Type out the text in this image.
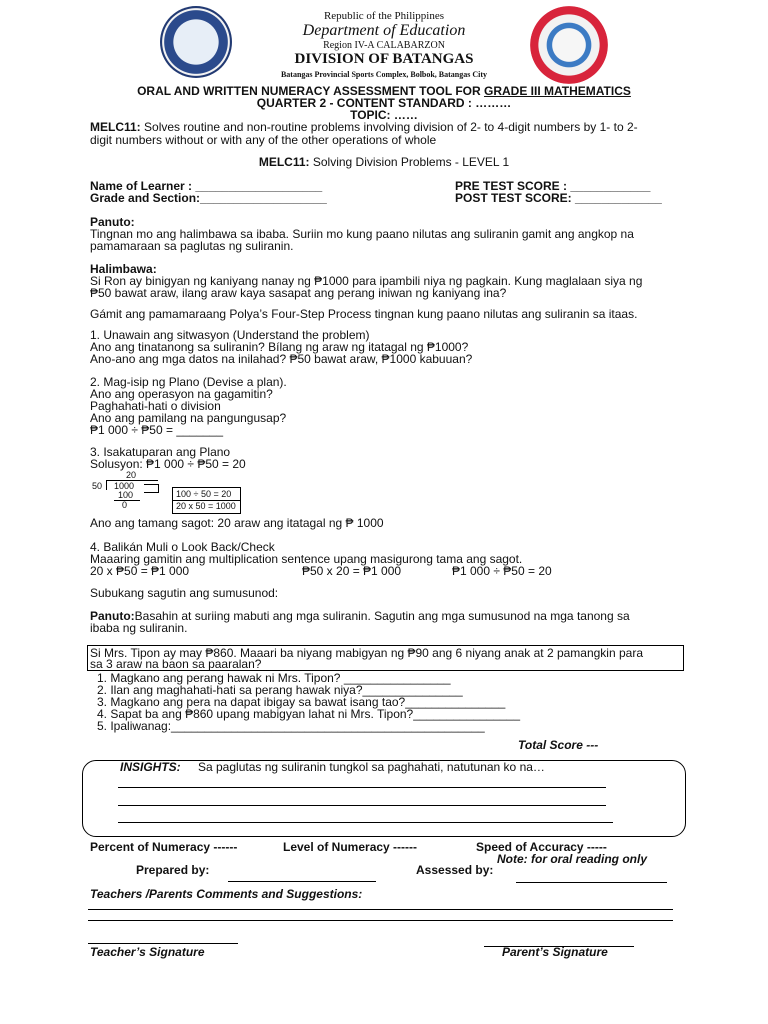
Republic of the Philippines
Department of Education
Region IV-A CALABARZON
DIVISION OF BATANGAS
Batangas Provincial Sports Complex, Bolbok, Batangas City
ORAL AND WRITTEN NUMERACY ASSESSMENT TOOL FOR GRADE III MATHEMATICS
QUARTER 2 - CONTENT STANDARD : ………
TOPIC: ……
MELC11: Solves routine and non-routine problems involving division of 2- to 4-digit numbers by 1- to 2-
digit numbers without or with any of the other operations of whole
MELC11: Solving Division Problems - LEVEL 1
Name of Learner : ___________________
Grade and Section:___________________
PRE TEST SCORE : ____________
POST TEST SCORE: _____________
Panuto:
Tingnan mo ang halimbawa sa ibaba. Suriin mo kung paano nilutas ang suliranin gamit ang angkop na
pamamaraan sa paglutas ng suliranin.
Halimbawa:
Si Ron ay binigyan ng kaniyang nanay ng ₱1000 para ipambili niya ng pagkain. Kung maglalaan siya ng
₱50 bawat araw, ilang araw kaya sasapat ang perang iniwan ng kaniyang ina?
Gámit ang pamamaraang Polya’s Four-Step Process tingnan kung paano nilutas ang suliranin sa itaas.
1. Unawain ang sitwasyon (Understand the problem)
Ano ang tinatanong sa suliranin? Bílang ng araw ng itatagal ng ₱1000?
Ano-ano ang mga datos na inilahad? ₱50 bawat araw, ₱1000 kabuuan?
2. Mag-isip ng Plano (Devise a plan).
Ano ang operasyon na gagamitin?
Paghahati-hati o division
Ano ang pamilang na pangungusap?
₱1 000 ÷ ₱50 = _______
3. Isakatuparan ang Plano
Solusyon: ₱1 000 ÷ ₱50 = 20
20
50 1000
100
0
100 ÷ 50 = 20
20 x 50 = 1000
Ano ang tamang sagot: 20 araw ang itatagal ng ₱ 1000
4. Balikán Muli o Look Back/Check
Maaaring gamitin ang multiplication sentence upang masigurong tama ang sagot.
20 x ₱50 = ₱1 000	₱50 x 20 = ₱1 000	₱1 000 ÷ ₱50 = 20
Subukang sagutin ang sumusunod:
Panuto:Basahin at suriing mabuti ang mga suliranin. Sagutin ang mga sumusunod na mga tanong sa
ibaba ng suliranin.
Si Mrs. Tipon ay may ₱860. Maaari ba niyang mabigyan ng ₱90 ang 6 niyang anak at 2 pamangkin para
sa 3 araw na baon sa paaralan?
1. Magkano ang perang hawak ni Mrs. Tipon? ________________
2. Ilan ang maghahati-hati sa perang hawak niya?_______________
3. Magkano ang pera na dapat ibigay sa bawat isang tao?_______________
4. Sapat ba ang ₱860 upang mabigyan lahat ni Mrs. Tipon?________________
5. Ipaliwanag:_______________________________________________
Total Score ---
INSIGHTS: Sa paglutas ng suliranin tungkol sa paghahati, natutunan ko na…
Percent of Numeracy ------	Level of Numeracy ------	Speed of Accuracy -----
Note: for oral reading only
Prepared by:	Assessed by:
Teachers /Parents Comments and Suggestions:
Teacher’s Signature	Parent’s Signature
